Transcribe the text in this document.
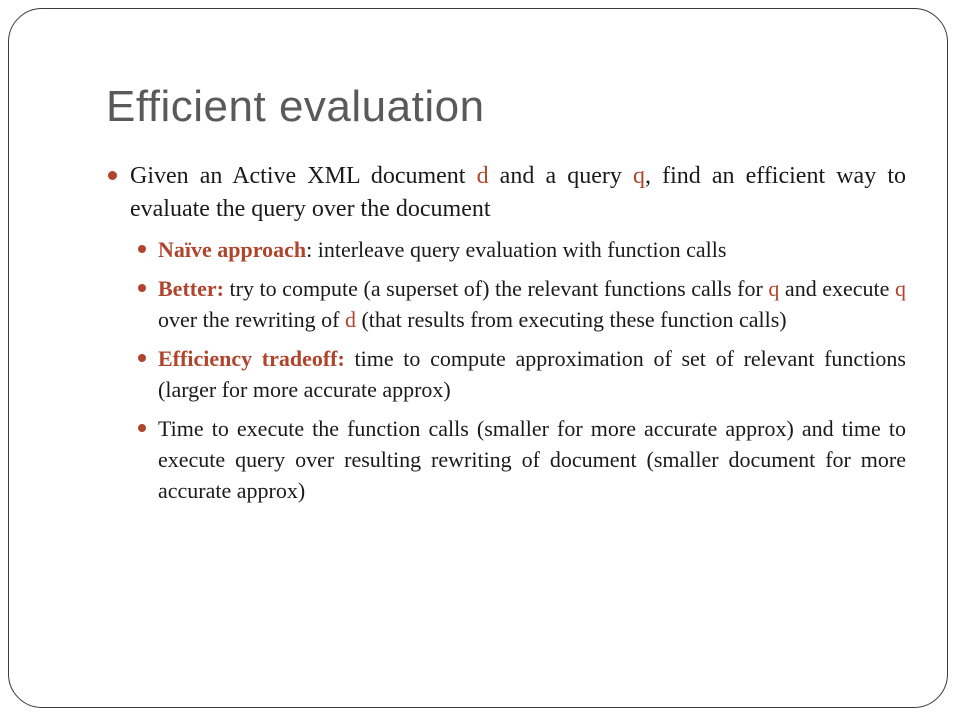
Efficient evaluation
Given an Active XML document d and a query q, find an efficient way to evaluate the query over the document
Naïve approach: interleave query evaluation with function calls
Better: try to compute (a superset of) the relevant functions calls for q and execute q over the rewriting of d (that results from executing these function calls)
Efficiency tradeoff: time to compute approximation of set of relevant functions (larger for more accurate approx)
Time to execute the function calls (smaller for more accurate approx) and time to execute query over resulting rewriting of document (smaller document for more accurate approx)
